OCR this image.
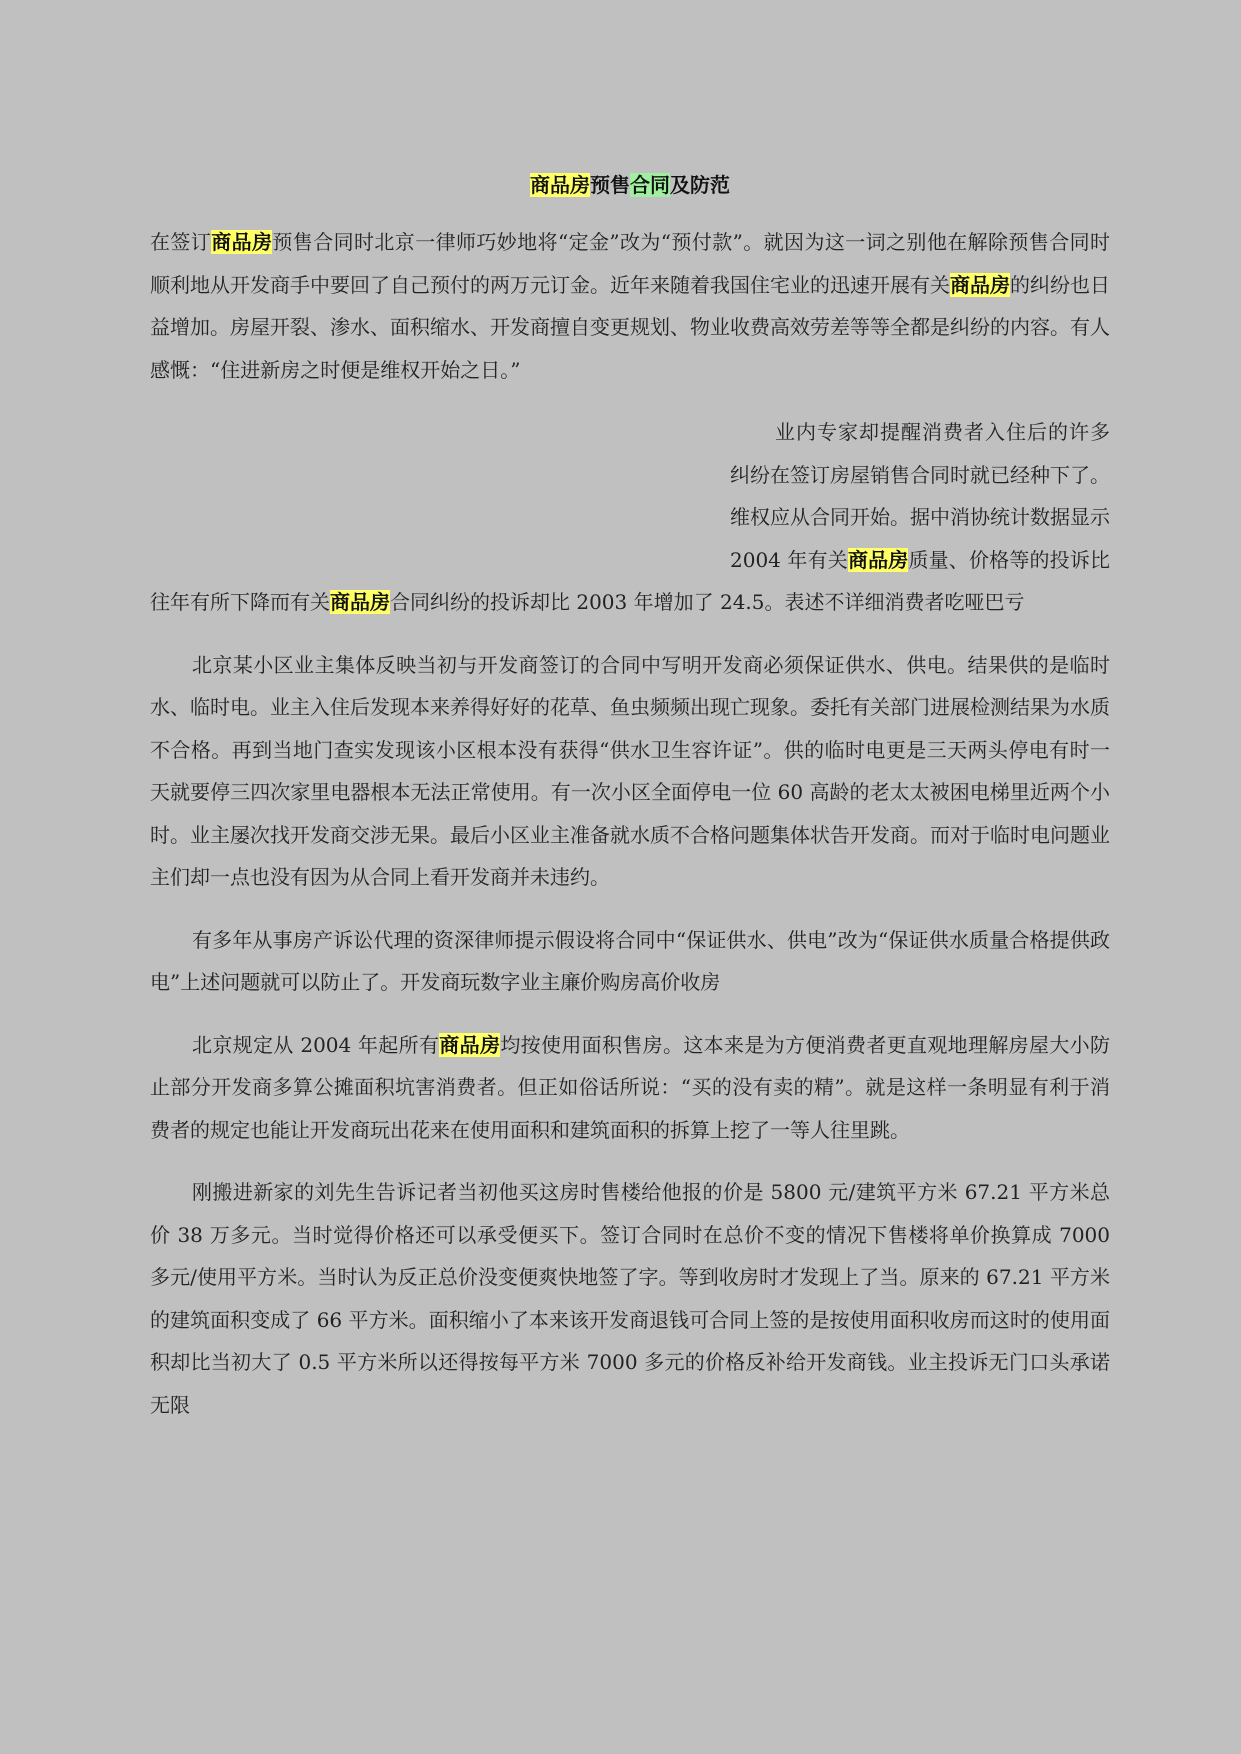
商品房预售合同及防范

在签订商品房预售合同时北京一律师巧妙地将“定金”改为“预付款”。就因为这一词之别他在解除预售合同时顺利地从开发商手中要回了自己预付的两万元订金。近年来随着我国住宅业的迅速开展有关商品房的纠纷也日益增加。房屋开裂、渗水、面积缩水、开发商擅自变更规划、物业收费高效劳差等等全都是纠纷的内容。有人感慨：“住进新房之时便是维权开始之日。”

业内专家却提醒消费者入住后的许多纠纷在签订房屋销售合同时就已经种下了。维权应从合同开始。据中消协统计数据显示 2004 年有关商品房质量、价格等的投诉比往年有所下降而有关商品房合同纠纷的投诉却比 2003 年增加了 24.5。表述不详细消费者吃哑巴亏

北京某小区业主集体反映当初与开发商签订的合同中写明开发商必须保证供水、供电。结果供的是临时水、临时电。业主入住后发现本来养得好好的花草、鱼虫频频出现亡现象。委托有关部门进展检测结果为水质不合格。再到当地门查实发现该小区根本没有获得“供水卫生容许证”。供的临时电更是三天两头停电有时一天就要停三四次家里电器根本无法正常使用。有一次小区全面停电一位 60 高龄的老太太被困电梯里近两个小时。业主屡次找开发商交涉无果。最后小区业主准备就水质不合格问题集体状告开发商。而对于临时电问题业主们却一点也没有因为从合同上看开发商并未违约。

有多年从事房产诉讼代理的资深律师提示假设将合同中“保证供水、供电”改为“保证供水质量合格提供政电”上述问题就可以防止了。开发商玩数字业主廉价购房高价收房

北京规定从 2004 年起所有商品房均按使用面积售房。这本来是为方便消费者更直观地理解房屋大小防止部分开发商多算公摊面积坑害消费者。但正如俗话所说：“买的没有卖的精”。就是这样一条明显有利于消费者的规定也能让开发商玩出花来在使用面积和建筑面积的拆算上挖了一等人往里跳。

刚搬进新家的刘先生告诉记者当初他买这房时售楼给他报的价是 5800 元/建筑平方米 67.21 平方米总价 38 万多元。当时觉得价格还可以承受便买下。签订合同时在总价不变的情况下售楼将单价换算成 7000 多元/使用平方米。当时认为反正总价没变便爽快地签了字。等到收房时才发现上了当。原来的 67.21 平方米的建筑面积变成了 66 平方米。面积缩小了本来该开发商退钱可合同上签的是按使用面积收房而这时的使用面积却比当初大了 0.5 平方米所以还得按每平方米 7000 多元的价格反补给开发商钱。业主投诉无门口头承诺无限
